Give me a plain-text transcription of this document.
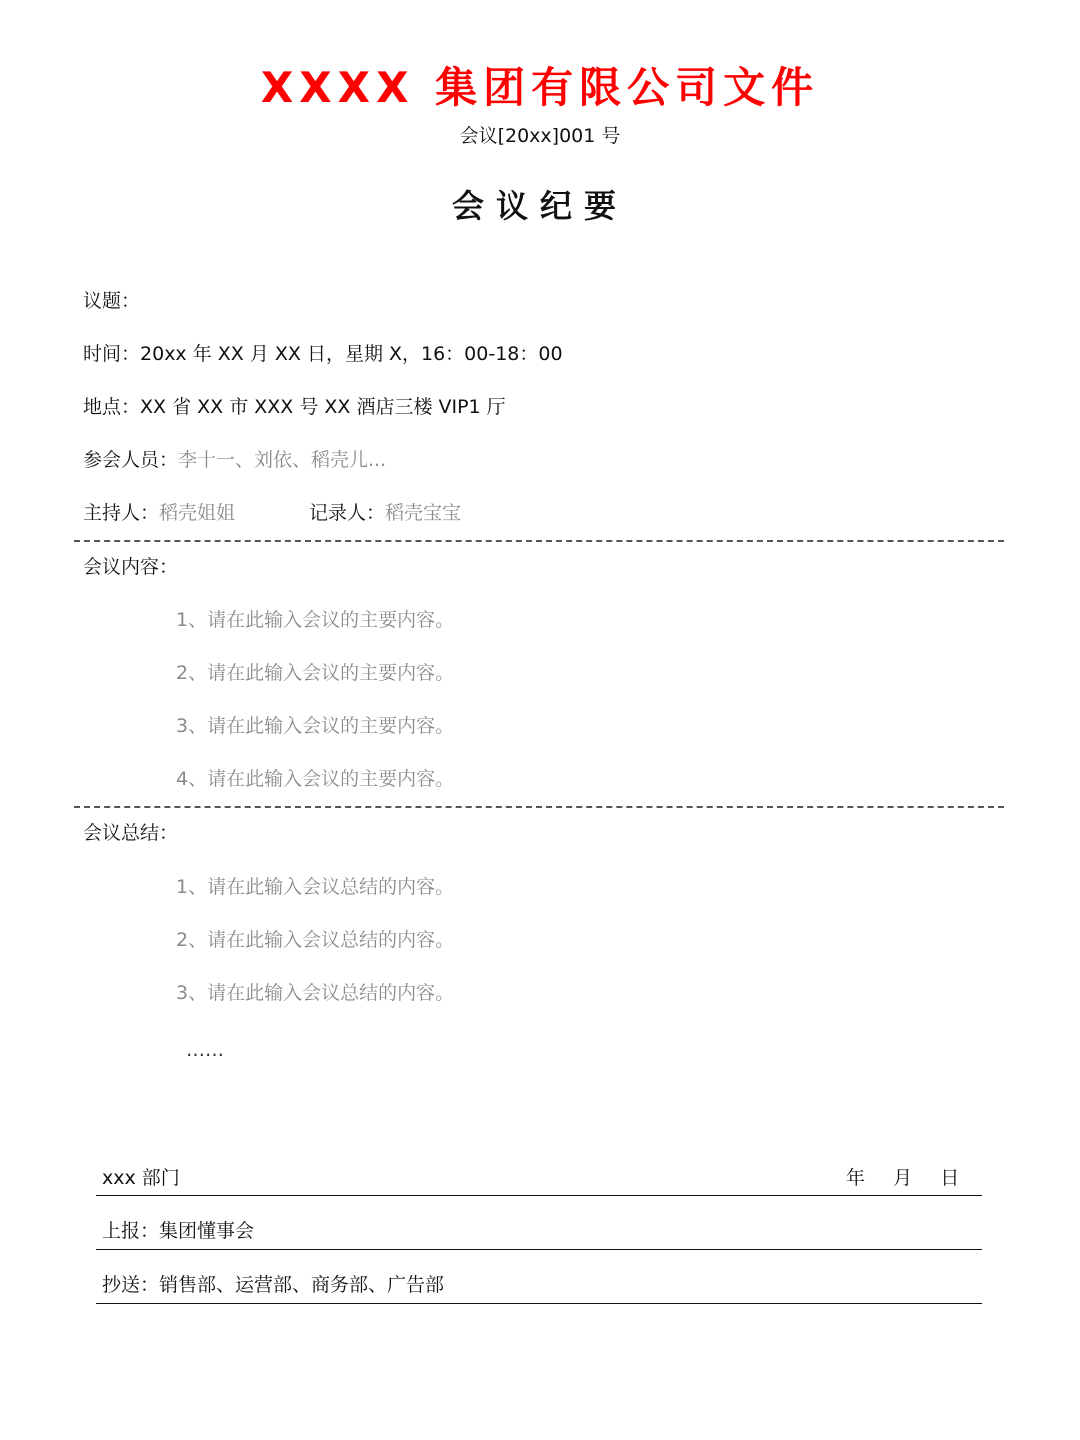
XXXX 集团有限公司文件
会议[20xx]001 号
会议纪要
议题：
时间：20xx 年 XX 月 XX 日，星期 X，16：00-18：00
地点：XX 省 XX 市 XXX 号 XX 酒店三楼 VIP1 厅
参会人员：李十一、刘依、稻壳儿...
主持人：稻壳姐姐	记录人：稻壳宝宝
会议内容：
1、请在此输入会议的主要内容。
2、请在此输入会议的主要内容。
3、请在此输入会议的主要内容。
4、请在此输入会议的主要内容。
会议总结：
1、请在此输入会议总结的内容。
2、请在此输入会议总结的内容。
3、请在此输入会议总结的内容。
……
xxx 部门	年 月 日
上报：集团懂事会
抄送：销售部、运营部、商务部、广告部
